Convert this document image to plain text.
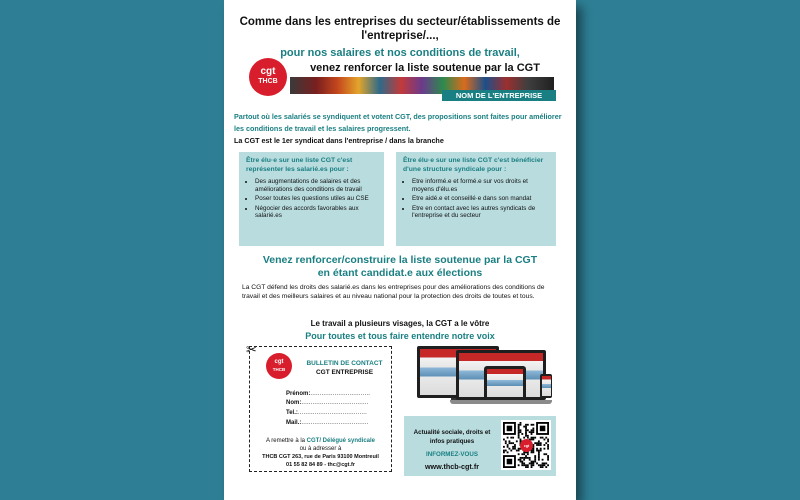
Comme dans les entreprises du secteur/établissements de l'entreprise/...,
pour nos salaires et nos conditions de travail,
cgt
THCB
venez renforcer la liste soutenue par la CGT
NOM DE L'ENTREPRISE
Partout où les salariés se syndiquent et votent CGT, des propositions sont faites pour améliorer les conditions de travail et les salaires progressent.
La CGT est le 1er syndicat dans l'entreprise / dans la branche
Être élu·e sur une liste CGT c'est représenter les salarié.es pour :
• Des augmentations de salaires et des améliorations des conditions de travail
• Poser toutes les questions utiles au CSE
• Négocier des accords favorables aux salarié.es
Être élu·e sur une liste CGT c'est bénéficier d'une structure syndicale pour :
• Etre informé.e et formé.e sur vos droits et moyens d'élu.es
• Etre aidé.e et conseillé·e dans son mandat
• Etre en contact avec les autres syndicats de l'entreprise et du secteur
Venez renforcer/construire la liste soutenue par la CGT
en étant candidat.e aux élections
La CGT défend les droits des salarié.es dans les entreprises pour des améliorations des conditions de travail et des meilleurs salaires et au niveau national pour la protection des droits de toutes et tous.
Le travail a plusieurs visages, la CGT a le vôtre
Pour toutes et tous faire entendre notre voix
✂
cgt
THCB
BULLETIN DE CONTACT
CGT ENTREPRISE
Prénom:................................
Nom:....................................
Tel.:.....................................
Mail.:....................................
A remettre à la CGT/ Délégué syndicale
ou à adresser à
THCB CGT 263, rue de Paris 93100 Montreuil
01 55 82 84 89 - thc@cgt.fr
Actualité sociale, droits et infos pratiques
INFORMEZ-VOUS
www.thcb-cgt.fr
cgt
